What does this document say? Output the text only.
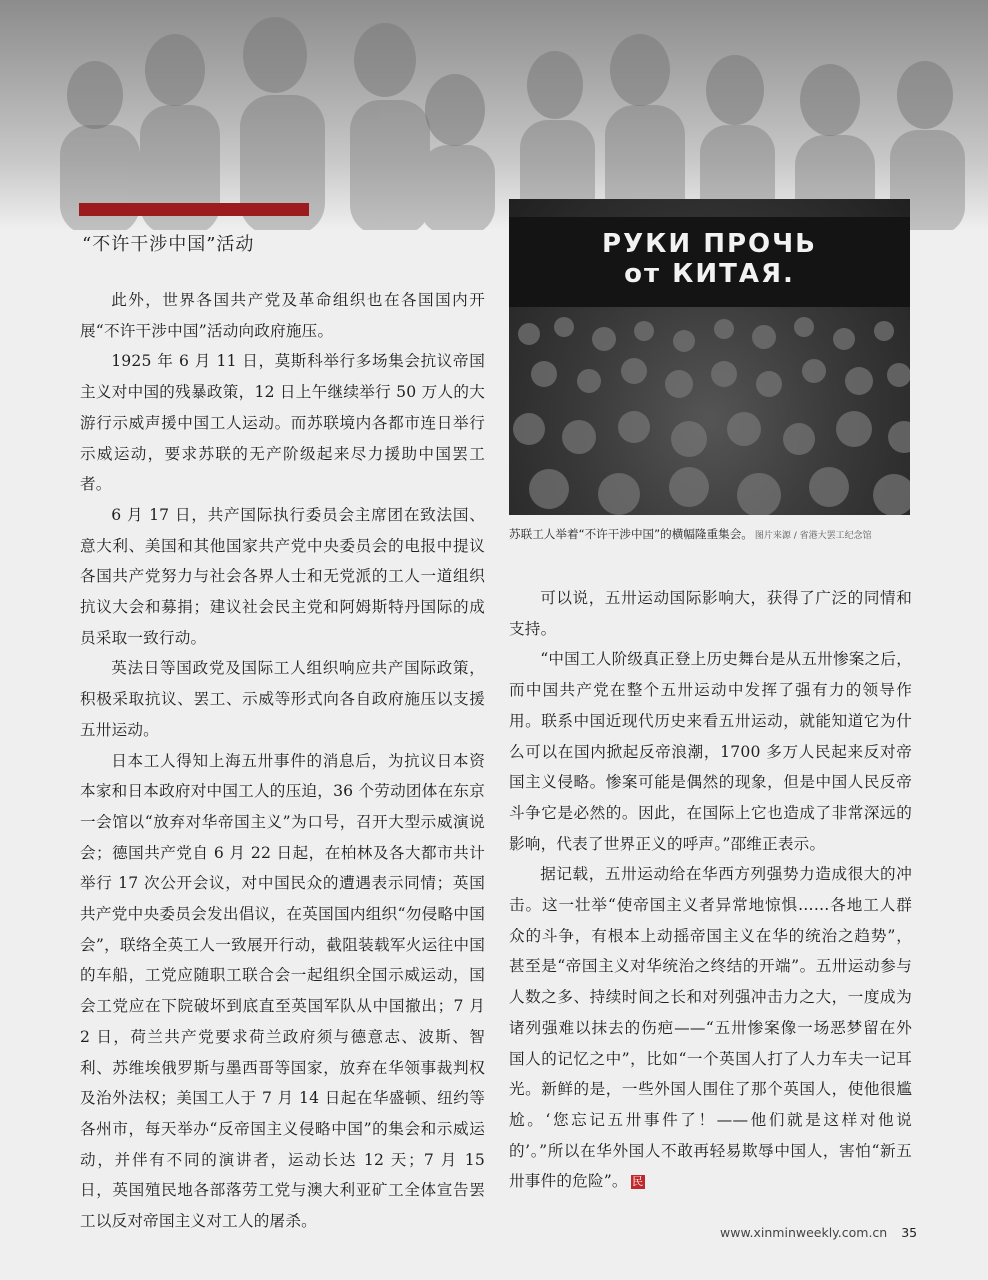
“不许干涉中国”活动

此外，世界各国共产党及革命组织也在各国国内开展“不许干涉中国”活动向政府施压。

1925 年 6 月 11 日，莫斯科举行多场集会抗议帝国主义对中国的残暴政策，12 日上午继续举行 50 万人的大游行示威声援中国工人运动。而苏联境内各都市连日举行示威运动，要求苏联的无产阶级起来尽力援助中国罢工者。

6 月 17 日，共产国际执行委员会主席团在致法国、意大利、美国和其他国家共产党中央委员会的电报中提议各国共产党努力与社会各界人士和无党派的工人一道组织抗议大会和募捐；建议社会民主党和阿姆斯特丹国际的成员采取一致行动。

英法日等国政党及国际工人组织响应共产国际政策，积极采取抗议、罢工、示威等形式向各自政府施压以支援五卅运动。

日本工人得知上海五卅事件的消息后，为抗议日本资本家和日本政府对中国工人的压迫，36 个劳动团体在东京一会馆以“放弃对华帝国主义”为口号，召开大型示威演说会；德国共产党自 6 月 22 日起，在柏林及各大都市共计举行 17 次公开会议，对中国民众的遭遇表示同情；英国共产党中央委员会发出倡议，在英国国内组织“勿侵略中国会”，联络全英工人一致展开行动，截阻装载军火运往中国的车船，工党应随职工联合会一起组织全国示威运动，国会工党应在下院破坏到底直至英国军队从中国撤出；7 月 2 日，荷兰共产党要求荷兰政府须与德意志、波斯、智利、苏维埃俄罗斯与墨西哥等国家，放弃在华领事裁判权及治外法权；美国工人于 7 月 14 日起在华盛顿、纽约等各州市，每天举办“反帝国主义侵略中国”的集会和示威运动，并伴有不同的演讲者，运动长达 12 天；7 月 15 日，英国殖民地各部落劳工党与澳大利亚矿工全体宣告罢工以反对帝国主义对工人的屠杀。

РУКИ ПРОЧЬ
от КИТАЯ.
苏联工人举着“不许干涉中国”的横幅隆重集会。 图片来源 / 省港大罢工纪念馆

可以说，五卅运动国际影响大，获得了广泛的同情和支持。

“中国工人阶级真正登上历史舞台是从五卅惨案之后，而中国共产党在整个五卅运动中发挥了强有力的领导作用。联系中国近现代历史来看五卅运动，就能知道它为什么可以在国内掀起反帝浪潮，1700 多万人民起来反对帝国主义侵略。惨案可能是偶然的现象，但是中国人民反帝斗争它是必然的。因此，在国际上它也造成了非常深远的影响，代表了世界正义的呼声。”邵维正表示。

据记载，五卅运动给在华西方列强势力造成很大的冲击。这一壮举“使帝国主义者异常地惊惧……各地工人群众的斗争，有根本上动摇帝国主义在华的统治之趋势”，甚至是“帝国主义对华统治之终结的开端”。五卅运动参与人数之多、持续时间之长和对列强冲击力之大，一度成为诸列强难以抹去的伤疤——“五卅惨案像一场恶梦留在外国人的记忆之中”，比如“一个英国人打了人力车夫一记耳光。新鲜的是，一些外国人围住了那个英国人，使他很尴尬。‘您忘记五卅事件了！——他们就是这样对他说的’。”所以在华外国人不敢再轻易欺辱中国人，害怕“新五卅事件的危险”。 民

www.xinminweekly.com.cn 35
